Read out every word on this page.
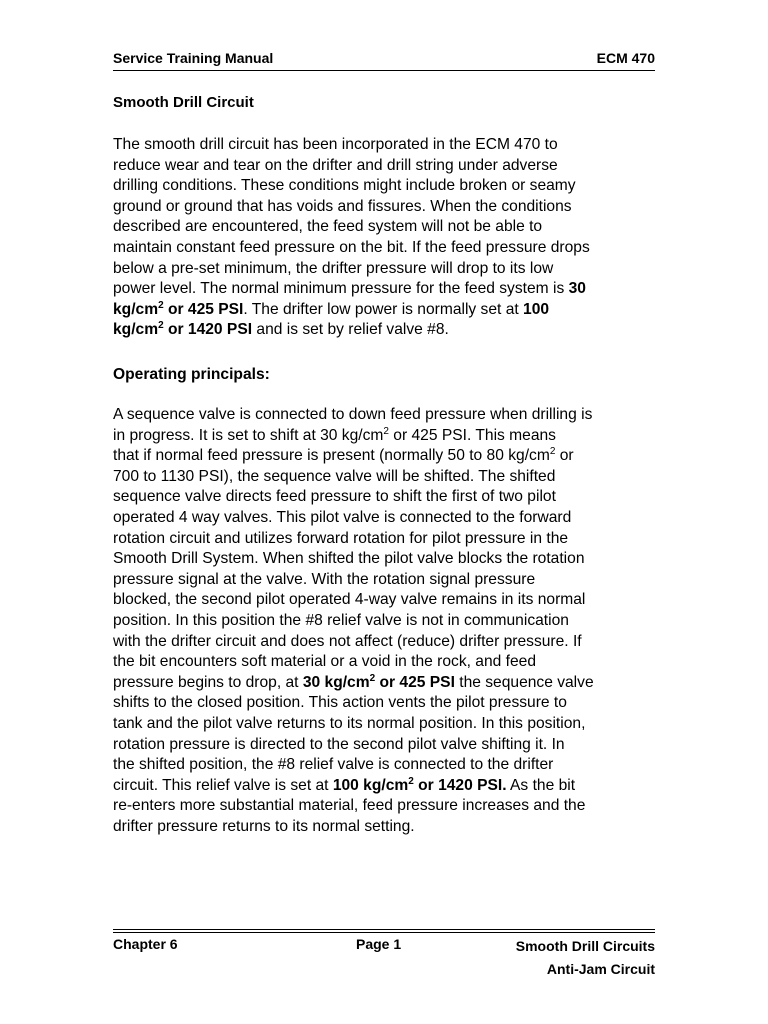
Service Training Manual	ECM 470
Smooth Drill Circuit

The smooth drill circuit has been incorporated in the ECM 470 to
reduce wear and tear on the drifter and drill string under adverse
drilling conditions. These conditions might include broken or seamy
ground or ground that has voids and fissures. When the conditions
described are encountered, the feed system will not be able to
maintain constant feed pressure on the bit. If the feed pressure drops
below a pre-set minimum, the drifter pressure will drop to its low
power level. The normal minimum pressure for the feed system is 30
$kg/cm^2$ or 425 PSI. The drifter low power is normally set at 100
$kg/cm^2$ or 1420 PSI and is set by relief valve #8.

Operating principals:

A sequence valve is connected to down feed pressure when drilling is
in progress. It is set to shift at 30 $kg/cm^2$ or 425 PSI. This means
that if normal feed pressure is present (normally 50 to 80 $kg/cm^2$ or
700 to 1130 PSI), the sequence valve will be shifted. The shifted
sequence valve directs feed pressure to shift the first of two pilot
operated 4 way valves. This pilot valve is connected to the forward
rotation circuit and utilizes forward rotation for pilot pressure in the
Smooth Drill System. When shifted the pilot valve blocks the rotation
pressure signal at the valve. With the rotation signal pressure
blocked, the second pilot operated 4-way valve remains in its normal
position. In this position the #8 relief valve is not in communication
with the drifter circuit and does not affect (reduce) drifter pressure. If
the bit encounters soft material or a void in the rock, and feed
pressure begins to drop, at 30 $kg/cm^2$ or 425 PSI the sequence valve
shifts to the closed position. This action vents the pilot pressure to
tank and the pilot valve returns to its normal position. In this position,
rotation pressure is directed to the second pilot valve shifting it. In
the shifted position, the #8 relief valve is connected to the drifter
circuit. This relief valve is set at 100 $kg/cm^2$ or 1420 PSI. As the bit
re-enters more substantial material, feed pressure increases and the
drifter pressure returns to its normal setting.

Chapter 6	Page 1	Smooth Drill Circuits
Anti-Jam Circuit
